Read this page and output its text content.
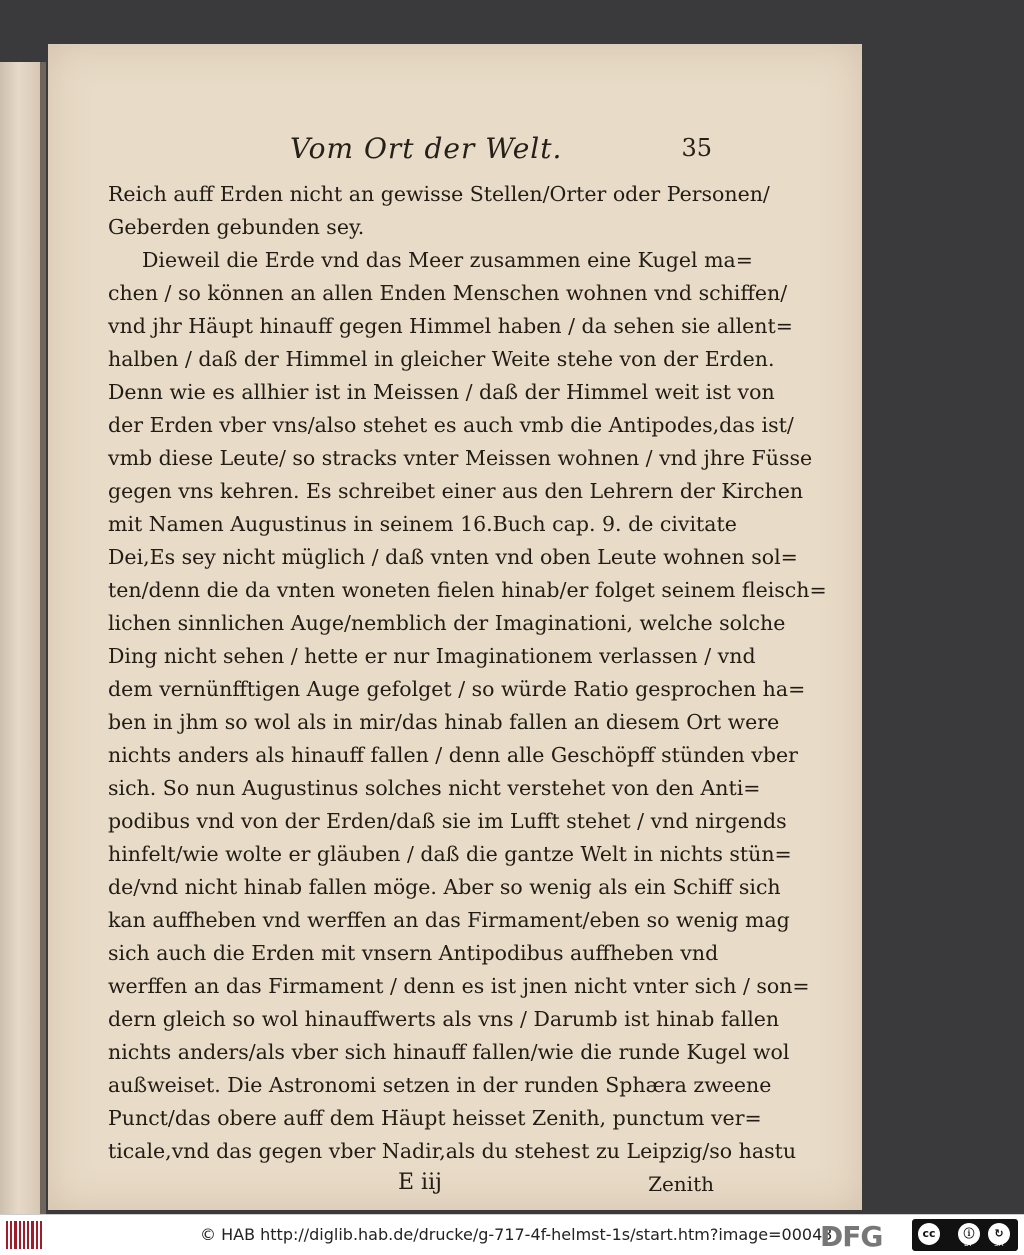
Vom Ort der Welt.	35
Reich auff Erden nicht an gewisse Stellen/Orter oder Personen/
Geberden gebunden sey.
Dieweil die Erde vnd das Meer zusammen eine Kugel ma=
chen / so können an allen Enden Menschen wohnen vnd schiffen/
vnd jhr Häupt hinauff gegen Himmel haben / da sehen sie allent=
halben / daß der Himmel in gleicher Weite stehe von der Erden.
Denn wie es allhier ist in Meissen / daß der Himmel weit ist von
der Erden vber vns/also stehet es auch vmb die Antipodes,das ist/
vmb diese Leute/ so stracks vnter Meissen wohnen / vnd jhre Füsse
gegen vns kehren. Es schreibet einer aus den Lehrern der Kirchen
mit Namen Augustinus in seinem 16.Buch cap. 9. de civitate
Dei,Es sey nicht müglich / daß vnten vnd oben Leute wohnen sol=
ten/denn die da vnten woneten fielen hinab/er folget seinem fleisch=
lichen sinnlichen Auge/nemblich der Imaginationi, welche solche
Ding nicht sehen / hette er nur Imaginationem verlassen / vnd
dem vernünfftigen Auge gefolget / so würde Ratio gesprochen ha=
ben in jhm so wol als in mir/das hinab fallen an diesem Ort were
nichts anders als hinauff fallen / denn alle Geschöpff stünden vber
sich. So nun Augustinus solches nicht verstehet von den Anti=
podibus vnd von der Erden/daß sie im Lufft stehet / vnd nirgends
hinfelt/wie wolte er gläuben / daß die gantze Welt in nichts stün=
de/vnd nicht hinab fallen möge. Aber so wenig als ein Schiff sich
kan auffheben vnd werffen an das Firmament/eben so wenig mag
sich auch die Erden mit vnsern Antipodibus auffheben vnd
werffen an das Firmament / denn es ist jnen nicht vnter sich / son=
dern gleich so wol hinauffwerts als vns / Darumb ist hinab fallen
nichts anders/als vber sich hinauff fallen/wie die runde Kugel wol
außweiset. Die Astronomi setzen in der runden Sphæra zweene
Punct/das obere auff dem Häupt heisset Zenith, punctum ver=
ticale,vnd das gegen vber Nadir,als du stehest zu Leipzig/so hastu
E iij	Zenith
© HAB http://diglib.hab.de/drucke/g-717-4f-helmst-1s/start.htm?image=00043
DFG	cc	ⓘ	↻
BY	SA
